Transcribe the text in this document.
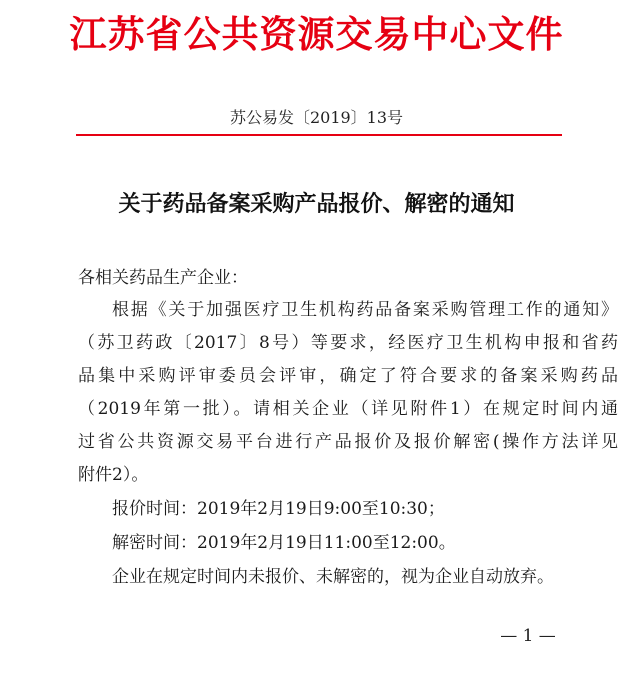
江苏省公共资源交易中心文件
苏公易发〔2019〕13号
关于药品备案采购产品报价、解密的通知
各相关药品生产企业：
根据《关于加强医疗卫生机构药品备案采购管理工作的通知》
（苏卫药政〔2017〕8号）等要求，经医疗卫生机构申报和省药
品集中采购评审委员会评审，确定了符合要求的备案采购药品
（2019年第一批）。请相关企业（详见附件1）在规定时间内通
过省公共资源交易平台进行产品报价及报价解密(操作方法详见
附件2）。
报价时间：2019年2月19日9:00至10:30；
解密时间：2019年2月19日11:00至12:00。
企业在规定时间内未报价、未解密的，视为企业自动放弃。
— 1 —
